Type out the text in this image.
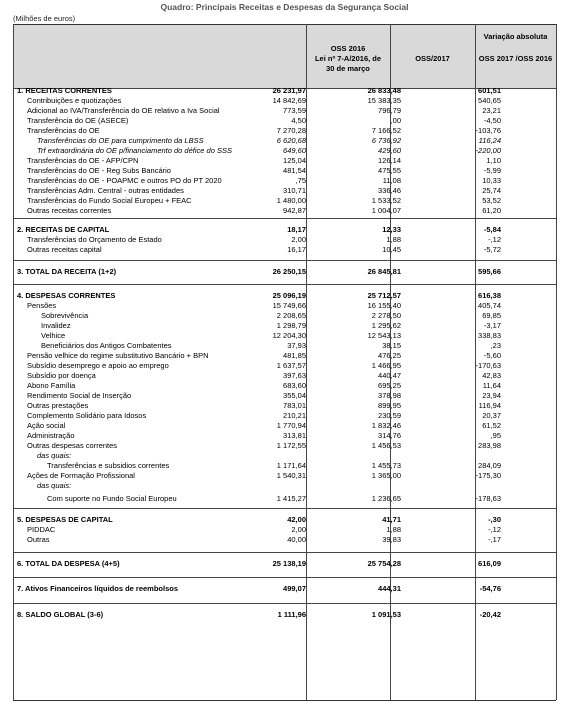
Quadro: Principais Receitas e Despesas da Segurança Social
(Milhões de euros)
OSS 2016
Lei nº 7-A/2016, de
30 de março
OSS/2017
Variação absoluta
OSS 2017 /OSS 2016
1. RECEITAS CORRENTES	26 231,97	26 833,48	601,51
Contribuições e quotizações	14 842,69	15 383,35	540,65
Adicional ao IVA/Transferência do OE relativo a Iva Social	773,59	796,79	23,21
Transferência do OE (ASECE)	4,50	,00	-4,50
Transferências do OE	7 270,28	7 166,52	-103,76
Transferências do OE para cumprimento da LBSS	6 620,68	6 736,92	116,24
Trf extraordinária do OE p/financiamento do défice do SSS	649,60	429,60	-220,00
Transferências do OE - AFP/CPN	125,04	126,14	1,10
Transferências do OE - Reg Subs Bancário	481,54	475,55	-5,99
Transferências do OE - POAPMC e outros PO do PT 2020	,75	11,08	10,33
Transferências Adm. Central - outras entidades	310,71	336,46	25,74
Transferências do Fundo Social Europeu + FEAC	1 480,00	1 533,52	53,52
Outras receitas correntes	942,87	1 004,07	61,20
2. RECEITAS DE CAPITAL	18,17	12,33	-5,84
Transferências do Orçamento de Estado	2,00	1,88	-,12
Outras receitas capital	16,17	10,45	-5,72
3. TOTAL DA RECEITA (1+2)	26 250,15	26 845,81	595,66
4. DESPESAS CORRENTES	25 096,19	25 712,57	616,38
Pensões	15 749,66	16 155,40	405,74
Sobrevivência	2 208,65	2 278,50	69,85
Invalidez	1 298,79	1 295,62	-3,17
Velhice	12 204,30	12 543,13	338,83
Beneficiários dos Antigos Combatentes	37,93	38,15	,23
Pensão velhice do regime substitutivo Bancário + BPN	481,85	476,25	-5,60
Subsídio desemprego e apoio ao emprego	1 637,57	1 466,95	-170,63
Subsídio por doença	397,63	440,47	42,83
Abono Família	683,60	695,25	11,64
Rendimento Social de Inserção	355,04	378,98	23,94
Outras prestações	783,01	899,95	116,94
Complemento Solidário para Idosos	210,21	230,59	20,37
Ação social	1 770,94	1 832,46	61,52
Administração	313,81	314,76	,95
Outras despesas correntes	1 172,55	1 456,53	283,98
das quais:
Transferências e subsidios correntes	1 171,64	1 455,73	284,09
Ações de Formação Profissional	1 540,31	1 365,00	-175,30
das quais:
Com suporte no Fundo Social Europeu	1 415,27	1 236,65	-178,63
5. DESPESAS DE CAPITAL	42,00	41,71	-,30
PIDDAC	2,00	1,88	-,12
Outras	40,00	39,83	-,17
6. TOTAL DA DESPESA (4+5)	25 138,19	25 754,28	616,09
7. Ativos Financeiros líquidos de reembolsos	499,07	444,31	-54,76
8. SALDO GLOBAL (3-6)	1 111,96	1 091,53	-20,42
